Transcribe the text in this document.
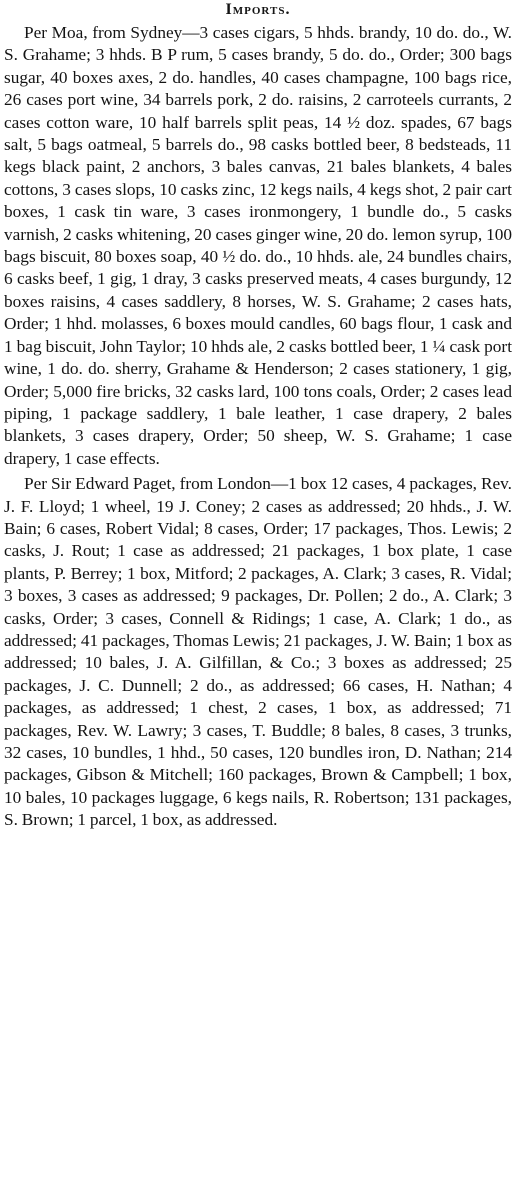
Imports.

Per Moa, from Sydney—3 cases cigars, 5 hhds. brandy, 10 do. do., W. S. Grahame; 3 hhds. B P rum, 5 cases brandy, 5 do. do., Order; 300 bags sugar, 40 boxes axes, 2 do. handles, 40 cases champagne, 100 bags rice, 26 cases port wine, 34 barrels pork, 2 do. raisins, 2 carroteels currants, 2 cases cotton ware, 10 half barrels split peas, 14 ½ doz. spades, 67 bags salt, 5 bags oatmeal, 5 barrels do., 98 casks bottled beer, 8 bedsteads, 11 kegs black paint, 2 anchors, 3 bales canvas, 21 bales blankets, 4 bales cottons, 3 cases slops, 10 casks zinc, 12 kegs nails, 4 kegs shot, 2 pair cart boxes, 1 cask tin ware, 3 cases ironmongery, 1 bundle do., 5 casks varnish, 2 casks whitening, 20 cases ginger wine, 20 do. lemon syrup, 100 bags biscuit, 80 boxes soap, 40 ½ do. do., 10 hhds. ale, 24 bundles chairs, 6 casks beef, 1 gig, 1 dray, 3 casks preserved meats, 4 cases burgundy, 12 boxes raisins, 4 cases saddlery, 8 horses, W. S. Grahame; 2 cases hats, Order; 1 hhd. molasses, 6 boxes mould candles, 60 bags flour, 1 cask and 1 bag biscuit, John Taylor; 10 hhds ale, 2 casks bottled beer, 1 ¼ cask port wine, 1 do. do. sherry, Grahame & Henderson; 2 cases stationery, 1 gig, Order; 5,000 fire bricks, 32 casks lard, 100 tons coals, Order; 2 cases lead piping, 1 package saddlery, 1 bale leather, 1 case drapery, 2 bales blankets, 3 cases drapery, Order; 50 sheep, W. S. Grahame; 1 case drapery, 1 case effects.

Per Sir Edward Paget, from London—1 box 12 cases, 4 packages, Rev. J. F. Lloyd; 1 wheel, 19 J. Coney; 2 cases as addressed; 20 hhds., J. W. Bain; 6 cases, Robert Vidal; 8 cases, Order; 17 packages, Thos. Lewis; 2 casks, J. Rout; 1 case as addressed; 21 packages, 1 box plate, 1 case plants, P. Berrey; 1 box, Mitford; 2 packages, A. Clark; 3 cases, R. Vidal; 3 boxes, 3 cases as addressed; 9 packages, Dr. Pollen; 2 do., A. Clark; 3 casks, Order; 3 cases, Connell & Ridings; 1 case, A. Clark; 1 do., as addressed; 41 packages, Thomas Lewis; 21 packages, J. W. Bain; 1 box as addressed; 10 bales, J. A. Gilfillan, & Co.; 3 boxes as addressed; 25 packages, J. C. Dunnell; 2 do., as addressed; 66 cases, H. Nathan; 4 packages, as addressed; 1 chest, 2 cases, 1 box, as addressed; 71 packages, Rev. W. Lawry; 3 cases, T. Buddle; 8 bales, 8 cases, 3 trunks, 32 cases, 10 bundles, 1 hhd., 50 cases, 120 bundles iron, D. Nathan; 214 packages, Gibson & Mitchell; 160 packages, Brown & Campbell; 1 box, 10 bales, 10 packages luggage, 6 kegs nails, R. Robertson; 131 packages, S. Brown; 1 parcel, 1 box, as addressed.
